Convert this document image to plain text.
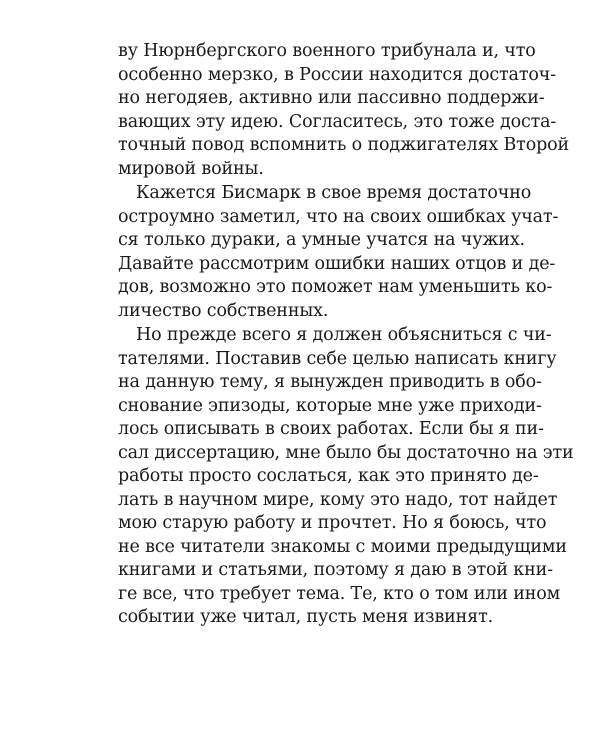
ву Нюрнбергского военного трибунала и, что
особенно мерзко, в России находится достаточ-
но негодяев, активно или пассивно поддержи-
вающих эту идею. Согласитесь, это тоже доста-
точный повод вспомнить о поджигателях Второй
мировой войны.
Кажется Бисмарк в свое время достаточно
остроумно заметил, что на своих ошибках учат-
ся только дураки, а умные учатся на чужих.
Давайте рассмотрим ошибки наших отцов и де-
дов, возможно это поможет нам уменьшить ко-
личество собственных.
Но прежде всего я должен объясниться с чи-
тателями. Поставив себе целью написать книгу
на данную тему, я вынужден приводить в обо-
снование эпизоды, которые мне уже приходи-
лось описывать в своих работах. Если бы я пи-
сал диссертацию, мне было бы достаточно на эти
работы просто сослаться, как это принято де-
лать в научном мире, кому это надо, тот найдет
мою старую работу и прочтет. Но я боюсь, что
не все читатели знакомы с моими предыдущими
книгами и статьями, поэтому я даю в этой кни-
ге все, что требует тема. Те, кто о том или ином
событии уже читал, пусть меня извинят.
